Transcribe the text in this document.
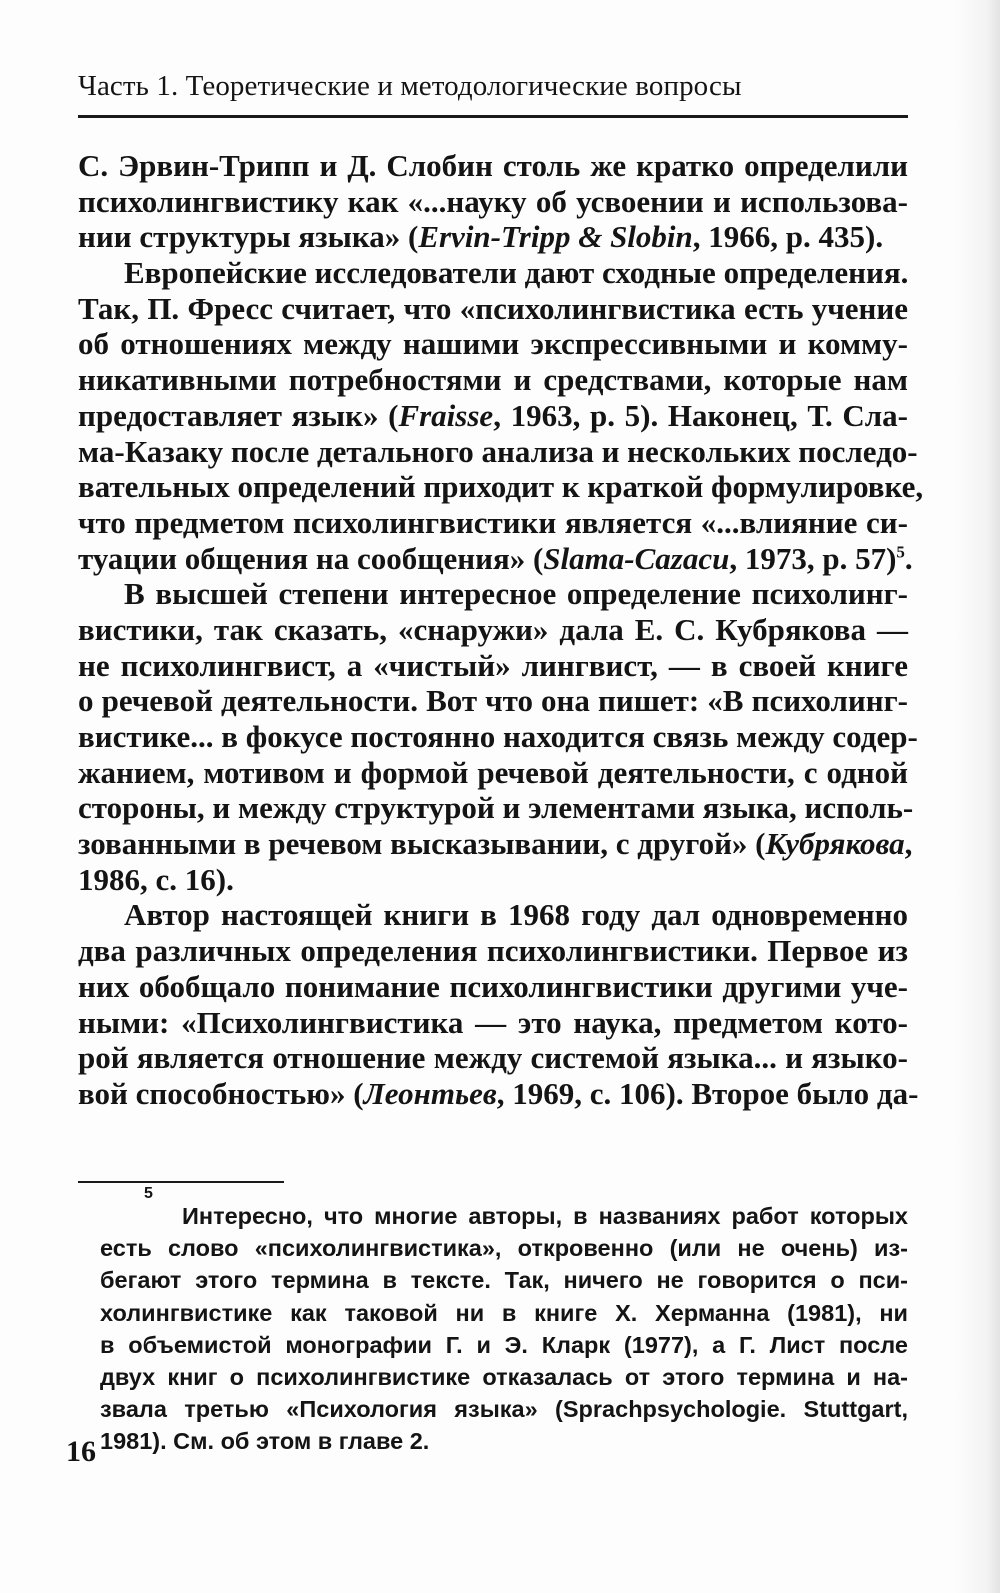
Часть 1. Теоретические и методологические вопросы
С. Эрвин-Трипп и Д. Слобин столь же кратко определили
психолингвистику как «...науку об усвоении и использова-
нии структуры языка» (Ervin-Tripp & Slobin, 1966, р. 435).
Европейские исследователи дают сходные определения.
Так, П. Фресс считает, что «психолингвистика есть учение
об отношениях между нашими экспрессивными и комму-
никативными потребностями и средствами, которые нам
предоставляет язык» (Fraisse, 1963, р. 5). Наконец, Т. Сла-
ма-Казаку после детального анализа и нескольких последо-
вательных определений приходит к краткой формулировке,
что предметом психолингвистики является «...влияние си-
туации общения на сообщения» (Slama-Cazacu, 1973, р. 57)$^5$.
В высшей степени интересное определение психолинг-
вистики, так сказать, «снаружи» дала Е. С. Кубрякова —
не психолингвист, а «чистый» лингвист, — в своей книге
о речевой деятельности. Вот что она пишет: «В психолинг-
вистике... в фокусе постоянно находится связь между содер-
жанием, мотивом и формой речевой деятельности, с одной
стороны, и между структурой и элементами языка, исполь-
зованными в речевом высказывании, с другой» (Кубрякова,
1986, с. 16).
Автор настоящей книги в 1968 году дал одновременно
два различных определения психолингвистики. Первое из
них обобщало понимание психолингвистики другими уче-
ными: «Психолингвистика — это наука, предметом кото-
рой является отношение между системой языка... и языко-
вой способностью» (Леонтьев, 1969, с. 106). Второе было да-
5
Интересно, что многие авторы, в названиях работ которых
есть слово «психолингвистика», откровенно (или не очень) из-
бегают этого термина в тексте. Так, ничего не говорится о пси-
холингвистике как таковой ни в книге Х. Херманна (1981), ни
в объемистой монографии Г. и Э. Кларк (1977), а Г. Лист после
двух книг о психолингвистике отказалась от этого термина и на-
звала третью «Психология языка» (Sprachpsychologie. Stuttgart,
1981). См. об этом в главе 2.
16
